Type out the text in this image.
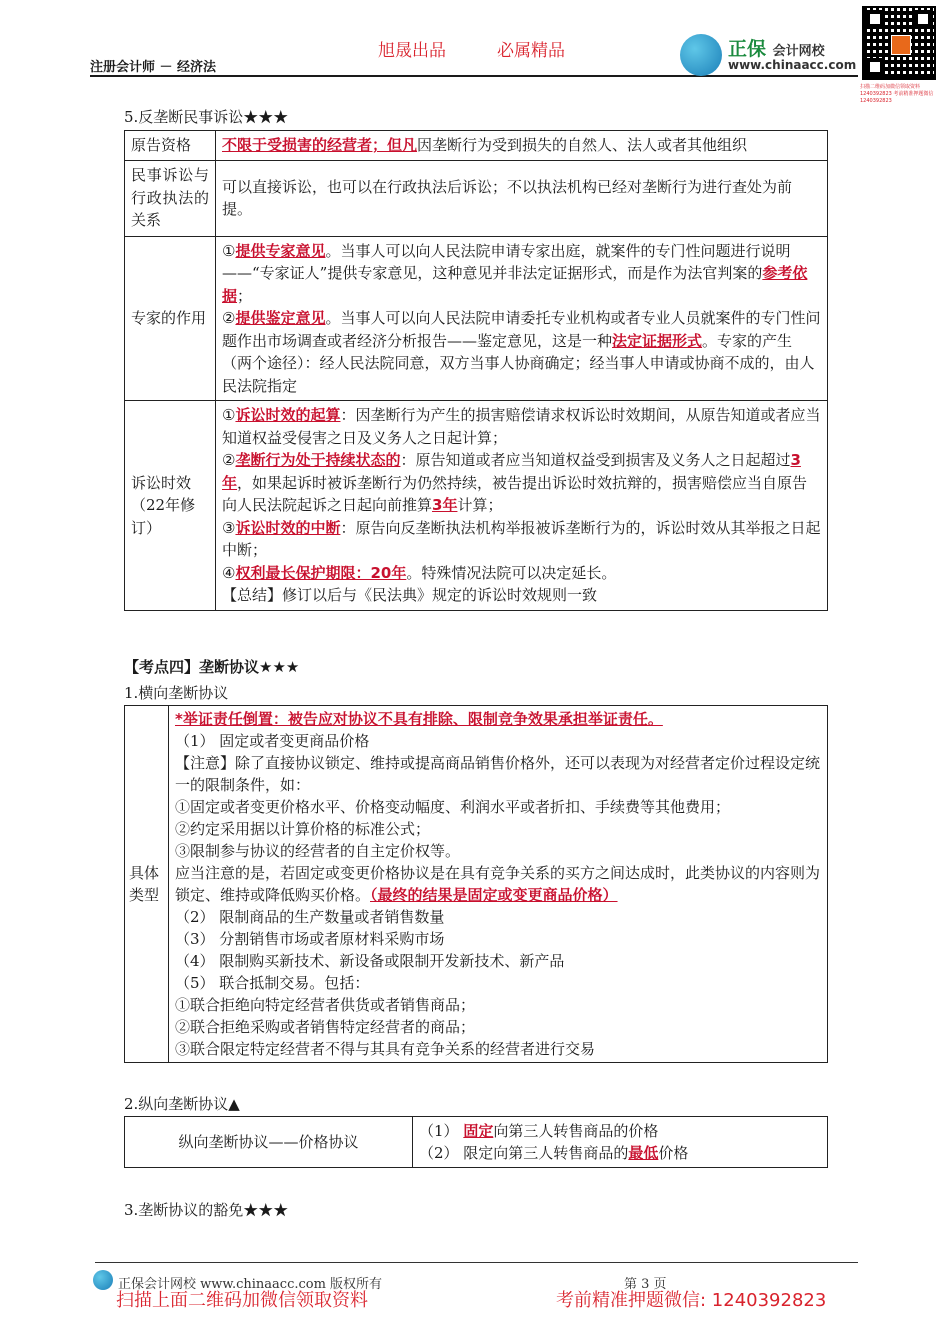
旭晟出品	必属精品
注册会计师 － 经济法
正保 会计网校
www.chinaacc.com
扫描二维码加微信领取资料 1240392823 考前精准押题微信 1240392823
5.反垄断民事诉讼★★★
原告资格	不限于受损害的经营者；但凡因垄断行为受到损失的自然人、法人或者其他组织
民事诉讼与行政执法的关系	可以直接诉讼，也可以在行政执法后诉讼；不以执法机构已经对垄断行为进行查处为前提。
专家的作用	①提供专家意见。当事人可以向人民法院申请专家出庭，就案件的专门性问题进行说明——“专家证人”提供专家意见，这种意见并非法定证据形式，而是作为法官判案的参考依据；
②提供鉴定意见。当事人可以向人民法院申请委托专业机构或者专业人员就案件的专门性问题作出市场调查或者经济分析报告——鉴定意见，这是一种法定证据形式。专家的产生（两个途径）：经人民法院同意，双方当事人协商确定；经当事人申请或协商不成的，由人民法院指定
诉讼时效（22年修订）	①诉讼时效的起算：因垄断行为产生的损害赔偿请求权诉讼时效期间，从原告知道或者应当知道权益受侵害之日及义务人之日起计算；
②垄断行为处于持续状态的：原告知道或者应当知道权益受到损害及义务人之日起超过3年，如果起诉时被诉垄断行为仍然持续，被告提出诉讼时效抗辩的，损害赔偿应当自原告向人民法院起诉之日起向前推算3年计算；
③诉讼时效的中断：原告向反垄断执法机构举报被诉垄断行为的，诉讼时效从其举报之日起中断；
④权利最长保护期限：20年。特殊情况法院可以决定延长。
【总结】修订以后与《民法典》规定的诉讼时效规则一致
【考点四】垄断协议★★★
1.横向垄断协议
具体类型	*举证责任倒置：被告应对协议不具有排除、限制竞争效果承担举证责任。
（1） 固定或者变更商品价格
【注意】除了直接协议锁定、维持或提高商品销售价格外，还可以表现为对经营者定价过程设定统一的限制条件，如：
①固定或者变更价格水平、价格变动幅度、利润水平或者折扣、手续费等其他费用；
②约定采用据以计算价格的标准公式；
③限制参与协议的经营者的自主定价权等。
应当注意的是，若固定或变更价格协议是在具有竞争关系的买方之间达成时，此类协议的内容则为锁定、维持或降低购买价格。（最终的结果是固定或变更商品价格）
（2） 限制商品的生产数量或者销售数量
（3） 分割销售市场或者原材料采购市场
（4） 限制购买新技术、新设备或限制开发新技术、新产品
（5） 联合抵制交易。包括：
①联合拒绝向特定经营者供货或者销售商品；
②联合拒绝采购或者销售特定经营者的商品；
③联合限定特定经营者不得与其具有竞争关系的经营者进行交易
2.纵向垄断协议▲
纵向垄断协议——价格协议	（1） 固定向第三人转售商品的价格
（2） 限定向第三人转售商品的最低价格
3.垄断协议的豁免★★★
正保会计网校 www.chinaacc.com 版权所有	第 3 页
扫描上面二维码加微信领取资料	考前精准押题微信: 1240392823
